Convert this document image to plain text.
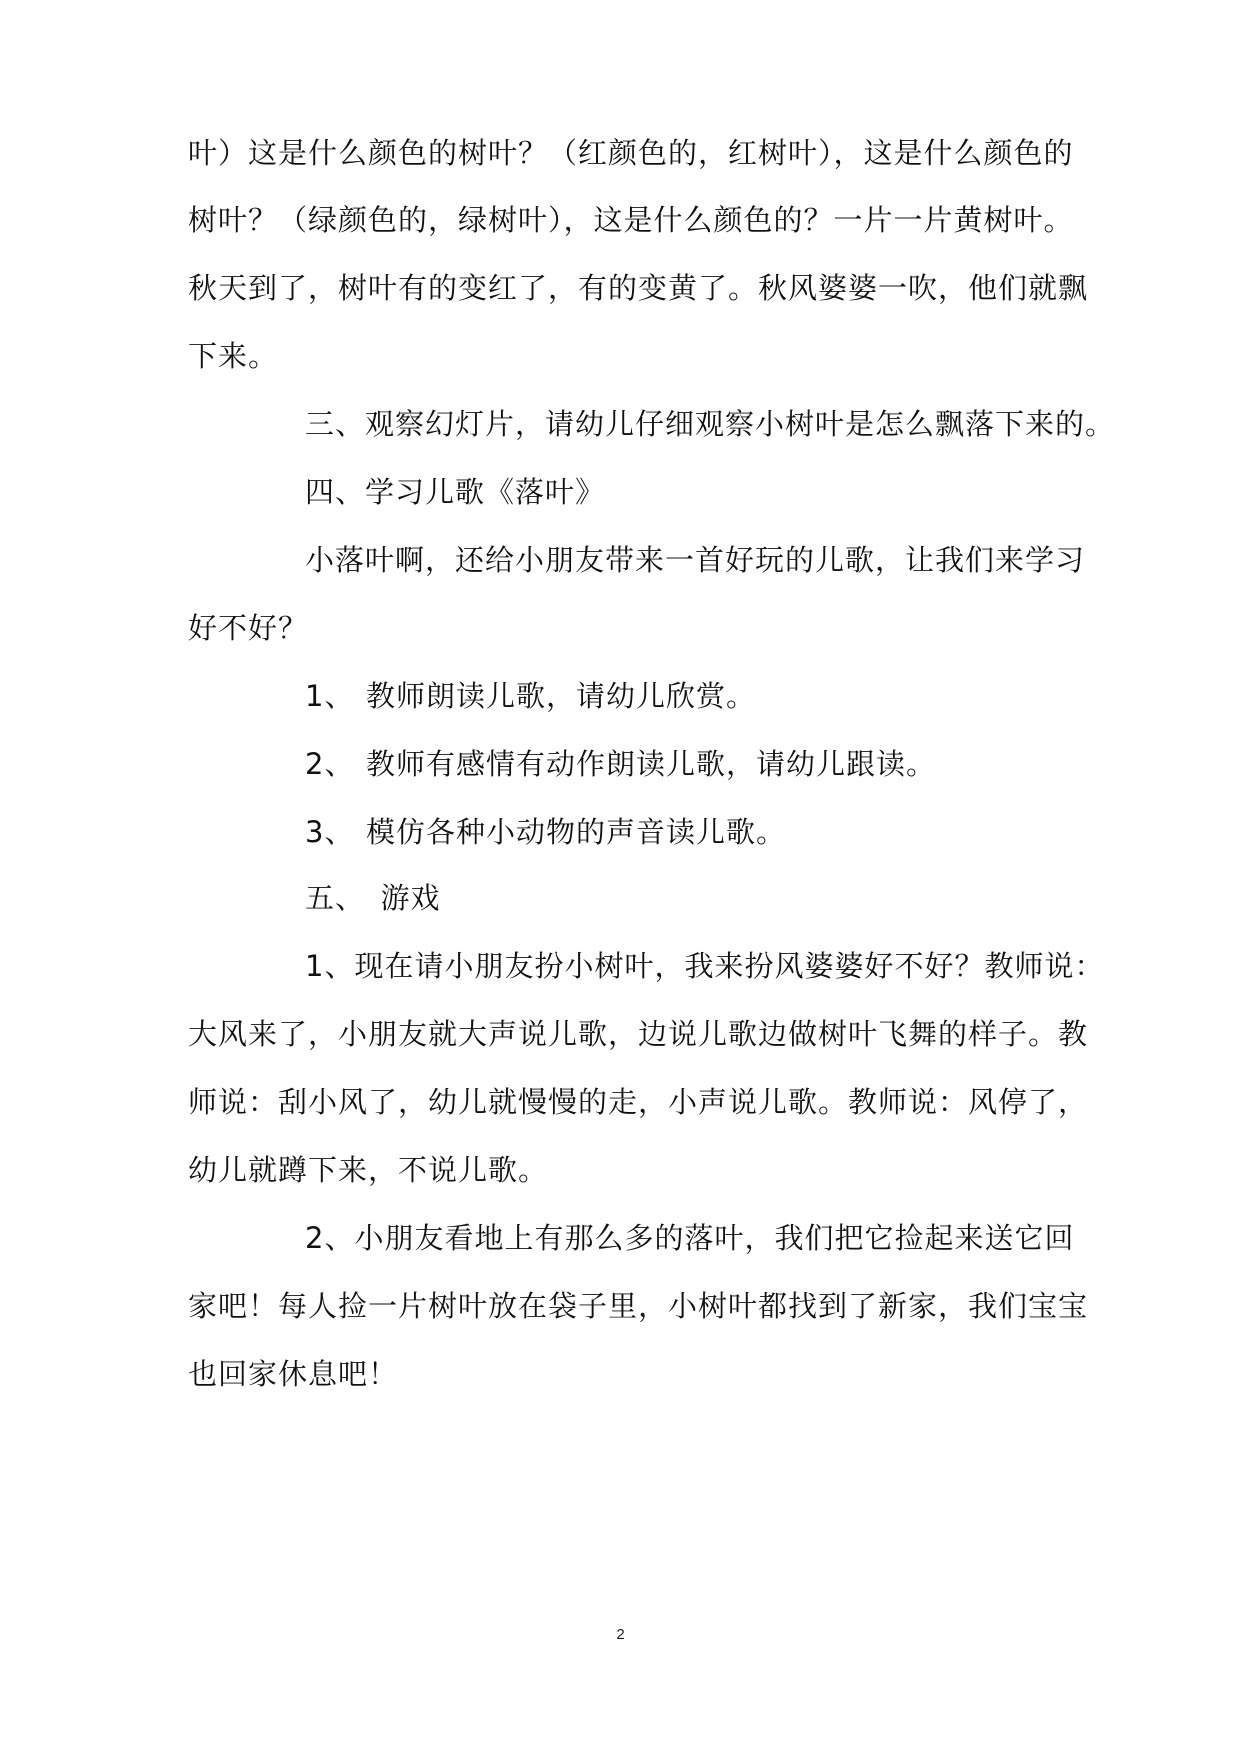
叶）这是什么颜色的树叶？（红颜色的，红树叶），这是什么颜色的

树叶？（绿颜色的，绿树叶），这是什么颜色的？一片一片黄树叶。

秋天到了，树叶有的变红了，有的变黄了。秋风婆婆一吹，他们就飘

下来。

三、观察幻灯片，请幼儿仔细观察小树叶是怎么飘落下来的。

四、学习儿歌《落叶》

小落叶啊，还给小朋友带来一首好玩的儿歌，让我们来学习

好不好？

1、 教师朗读儿歌，请幼儿欣赏。

2、 教师有感情有动作朗读儿歌，请幼儿跟读。

3、 模仿各种小动物的声音读儿歌。

五、　游戏

1、现在请小朋友扮小树叶，我来扮风婆婆好不好？教师说：

大风来了，小朋友就大声说儿歌，边说儿歌边做树叶飞舞的样子。教

师说：刮小风了，幼儿就慢慢的走，小声说儿歌。教师说：风停了，

幼儿就蹲下来，不说儿歌。

2、小朋友看地上有那么多的落叶，我们把它捡起来送它回

家吧！每人捡一片树叶放在袋子里，小树叶都找到了新家，我们宝宝

也回家休息吧！

2
